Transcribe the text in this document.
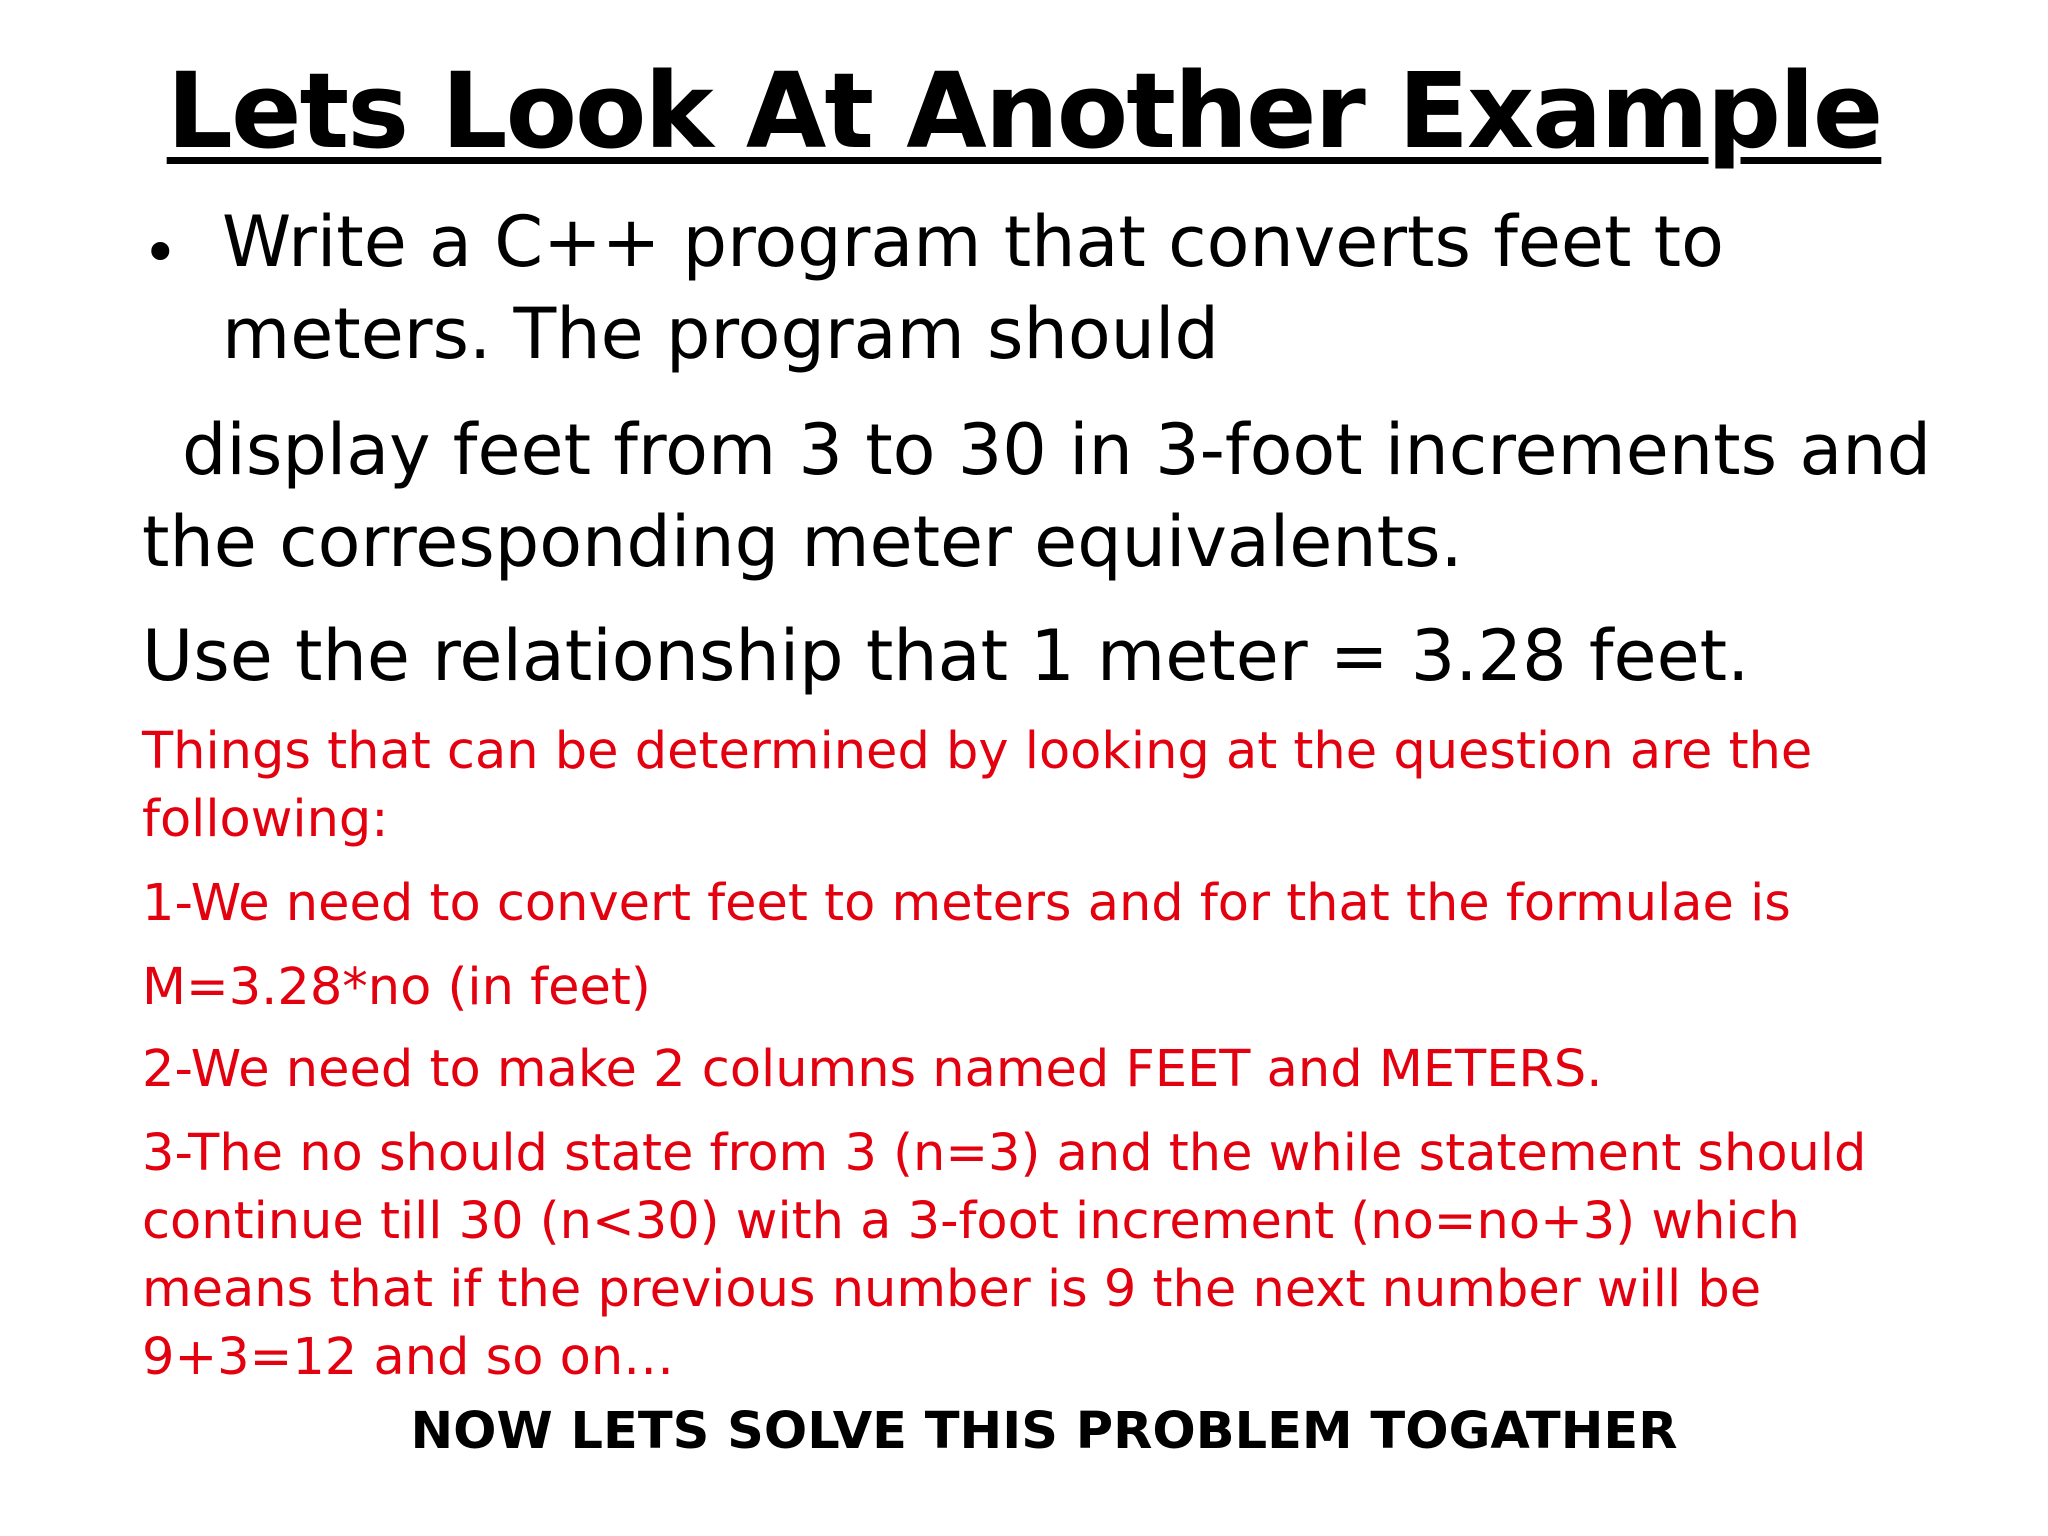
Lets Look At Another Example
• Write a C++ program that converts feet to meters. The program should
display feet from 3 to 30 in 3-foot increments and
the corresponding meter equivalents.
Use the relationship that 1 meter = 3.28 feet.
Things that can be determined by looking at the question are the following:
1-We need to convert feet to meters and for that the formulae is
M=3.28*no (in feet)
2-We need to make 2 columns named FEET and METERS.
3-The no should state from 3 (n=3) and the while statement should continue till 30 (n<30) with a 3-foot increment (no=no+3) which means that if the previous number is 9 the next number will be 9+3=12 and so on…
NOW LETS SOLVE THIS PROBLEM TOGATHER
